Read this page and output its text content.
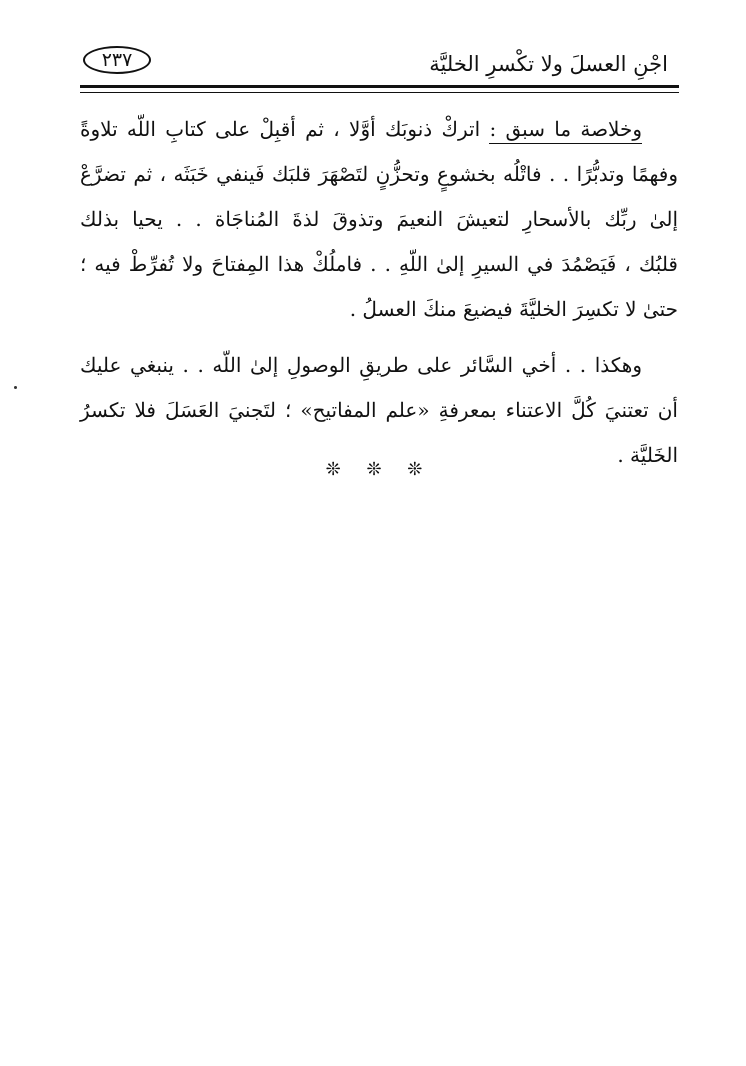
اجْنِ العسلَ ولا تكْسرِ الخليَّة
٢٣٧
وخلاصة ما سبق : اتركْ ذنوبَك أوَّلا ، ثم أقبِلْ على كتابِ اللّه تلاوةً
وفهمًا وتدبُّرًا . . فاتْلُه بخشوعٍ وتحزُّنٍ لتَصْهَرَ قلبَك فَينفي خَبَثَه ، ثم تضرَّعْ
إلىٰ ربِّك بالأسحارِ لتعيشَ النعيمَ وتذوقَ لذةَ المُناجَاة . . يحيا بذلك
قلبُك ، فَيَصْمُدَ في السيرِ إلىٰ اللّهِ . . فاملُكْ هذا المِفتاحَ ولا تُفرِّطْ فيه ؛
حتىٰ لا تكسِرَ الخليَّةَ فيضيعَ منكَ العسلُ .
وهكذا . . أخي السَّائر على طريقِ الوصولِ إلىٰ اللّه . . ينبغي عليك
أن تعتنيَ كُلَّ الاعتناء بمعرفةِ «علم المفاتيح» ؛ لتَجنيَ العَسَلَ فلا تكسرُ
الخَليَّة .
❊ ❊ ❊
